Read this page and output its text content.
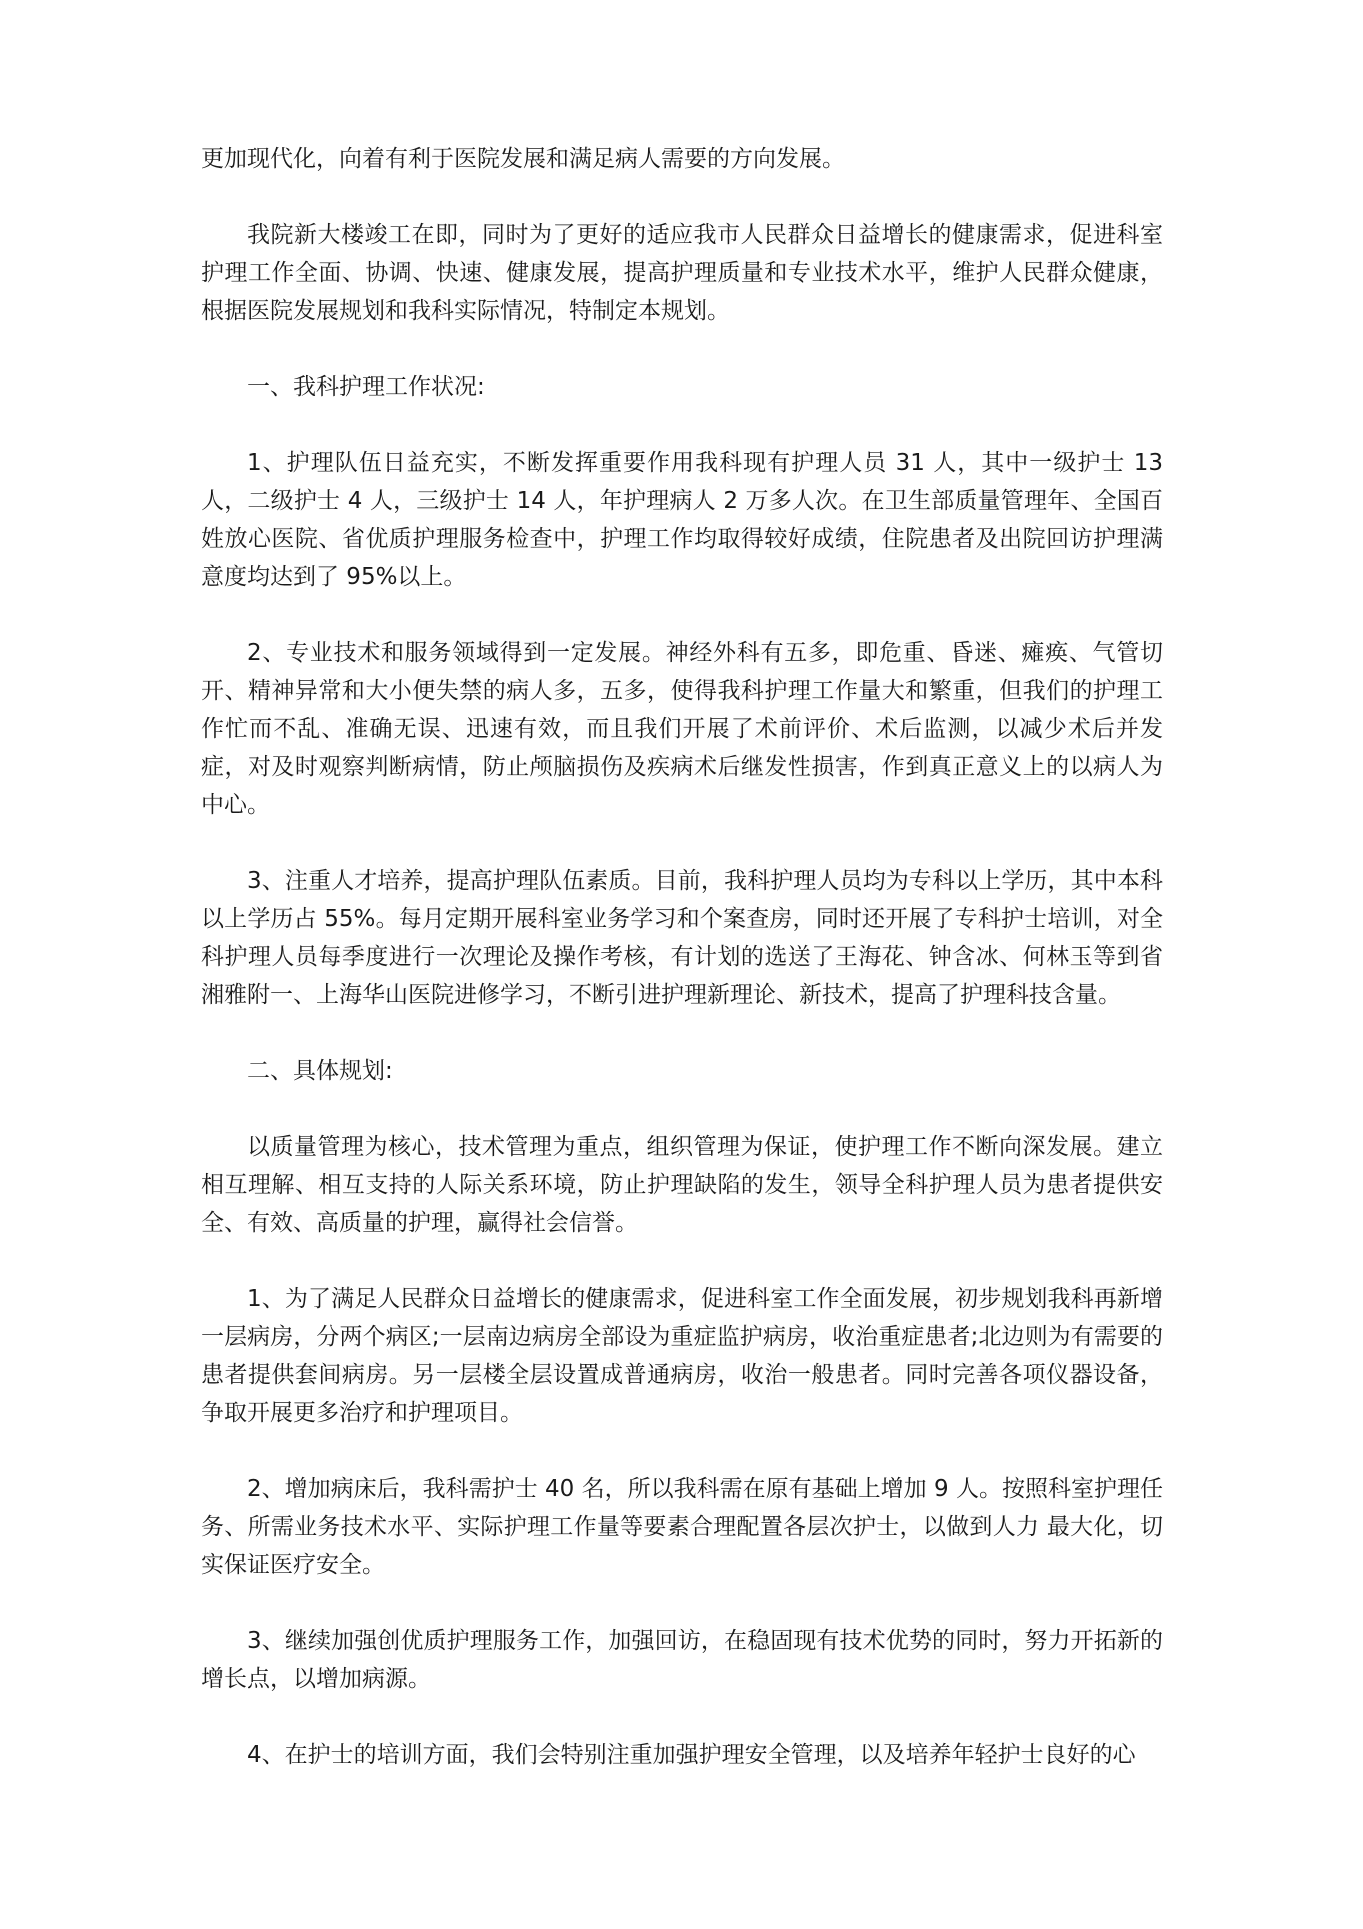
更加现代化，向着有利于医院发展和满足病人需要的方向发展。

我院新大楼竣工在即，同时为了更好的适应我市人民群众日益增长的健康需求，促进科室护理工作全面、协调、快速、健康发展，提高护理质量和专业技术水平，维护人民群众健康，根据医院发展规划和我科实际情况，特制定本规划。

一、我科护理工作状况:

1、护理队伍日益充实，不断发挥重要作用我科现有护理人员 31 人，其中一级护士 13 人，二级护士 4 人，三级护士 14 人，年护理病人 2 万多人次。在卫生部质量管理年、全国百姓放心医院、省优质护理服务检查中，护理工作均取得较好成绩，住院患者及出院回访护理满意度均达到了 95%以上。

2、专业技术和服务领域得到一定发展。神经外科有五多，即危重、昏迷、瘫痪、气管切开、精神异常和大小便失禁的病人多，五多，使得我科护理工作量大和繁重，但我们的护理工作忙而不乱、准确无误、迅速有效，而且我们开展了术前评价、术后监测，以减少术后并发症，对及时观察判断病情，防止颅脑损伤及疾病术后继发性损害，作到真正意义上的以病人为中心。

3、注重人才培养，提高护理队伍素质。目前，我科护理人员均为专科以上学历，其中本科以上学历占 55%。每月定期开展科室业务学习和个案查房，同时还开展了专科护士培训，对全科护理人员每季度进行一次理论及操作考核，有计划的选送了王海花、钟含冰、何林玉等到省湘雅附一、上海华山医院进修学习，不断引进护理新理论、新技术，提高了护理科技含量。

二、具体规划:

以质量管理为核心，技术管理为重点，组织管理为保证，使护理工作不断向深发展。建立相互理解、相互支持的人际关系环境，防止护理缺陷的发生，领导全科护理人员为患者提供安全、有效、高质量的护理，赢得社会信誉。

1、为了满足人民群众日益增长的健康需求，促进科室工作全面发展，初步规划我科再新增一层病房，分两个病区;一层南边病房全部设为重症监护病房，收治重症患者;北边则为有需要的患者提供套间病房。另一层楼全层设置成普通病房，收治一般患者。同时完善各项仪器设备，争取开展更多治疗和护理项目。

2、增加病床后，我科需护士 40 名，所以我科需在原有基础上增加 9 人。按照科室护理任务、所需业务技术水平、实际护理工作量等要素合理配置各层次护士，以做到人力 最大化，切实保证医疗安全。

3、继续加强创优质护理服务工作，加强回访，在稳固现有技术优势的同时，努力开拓新的增长点，以增加病源。

4、在护士的培训方面，我们会特别注重加强护理安全管理，以及培养年轻护士良好的心
